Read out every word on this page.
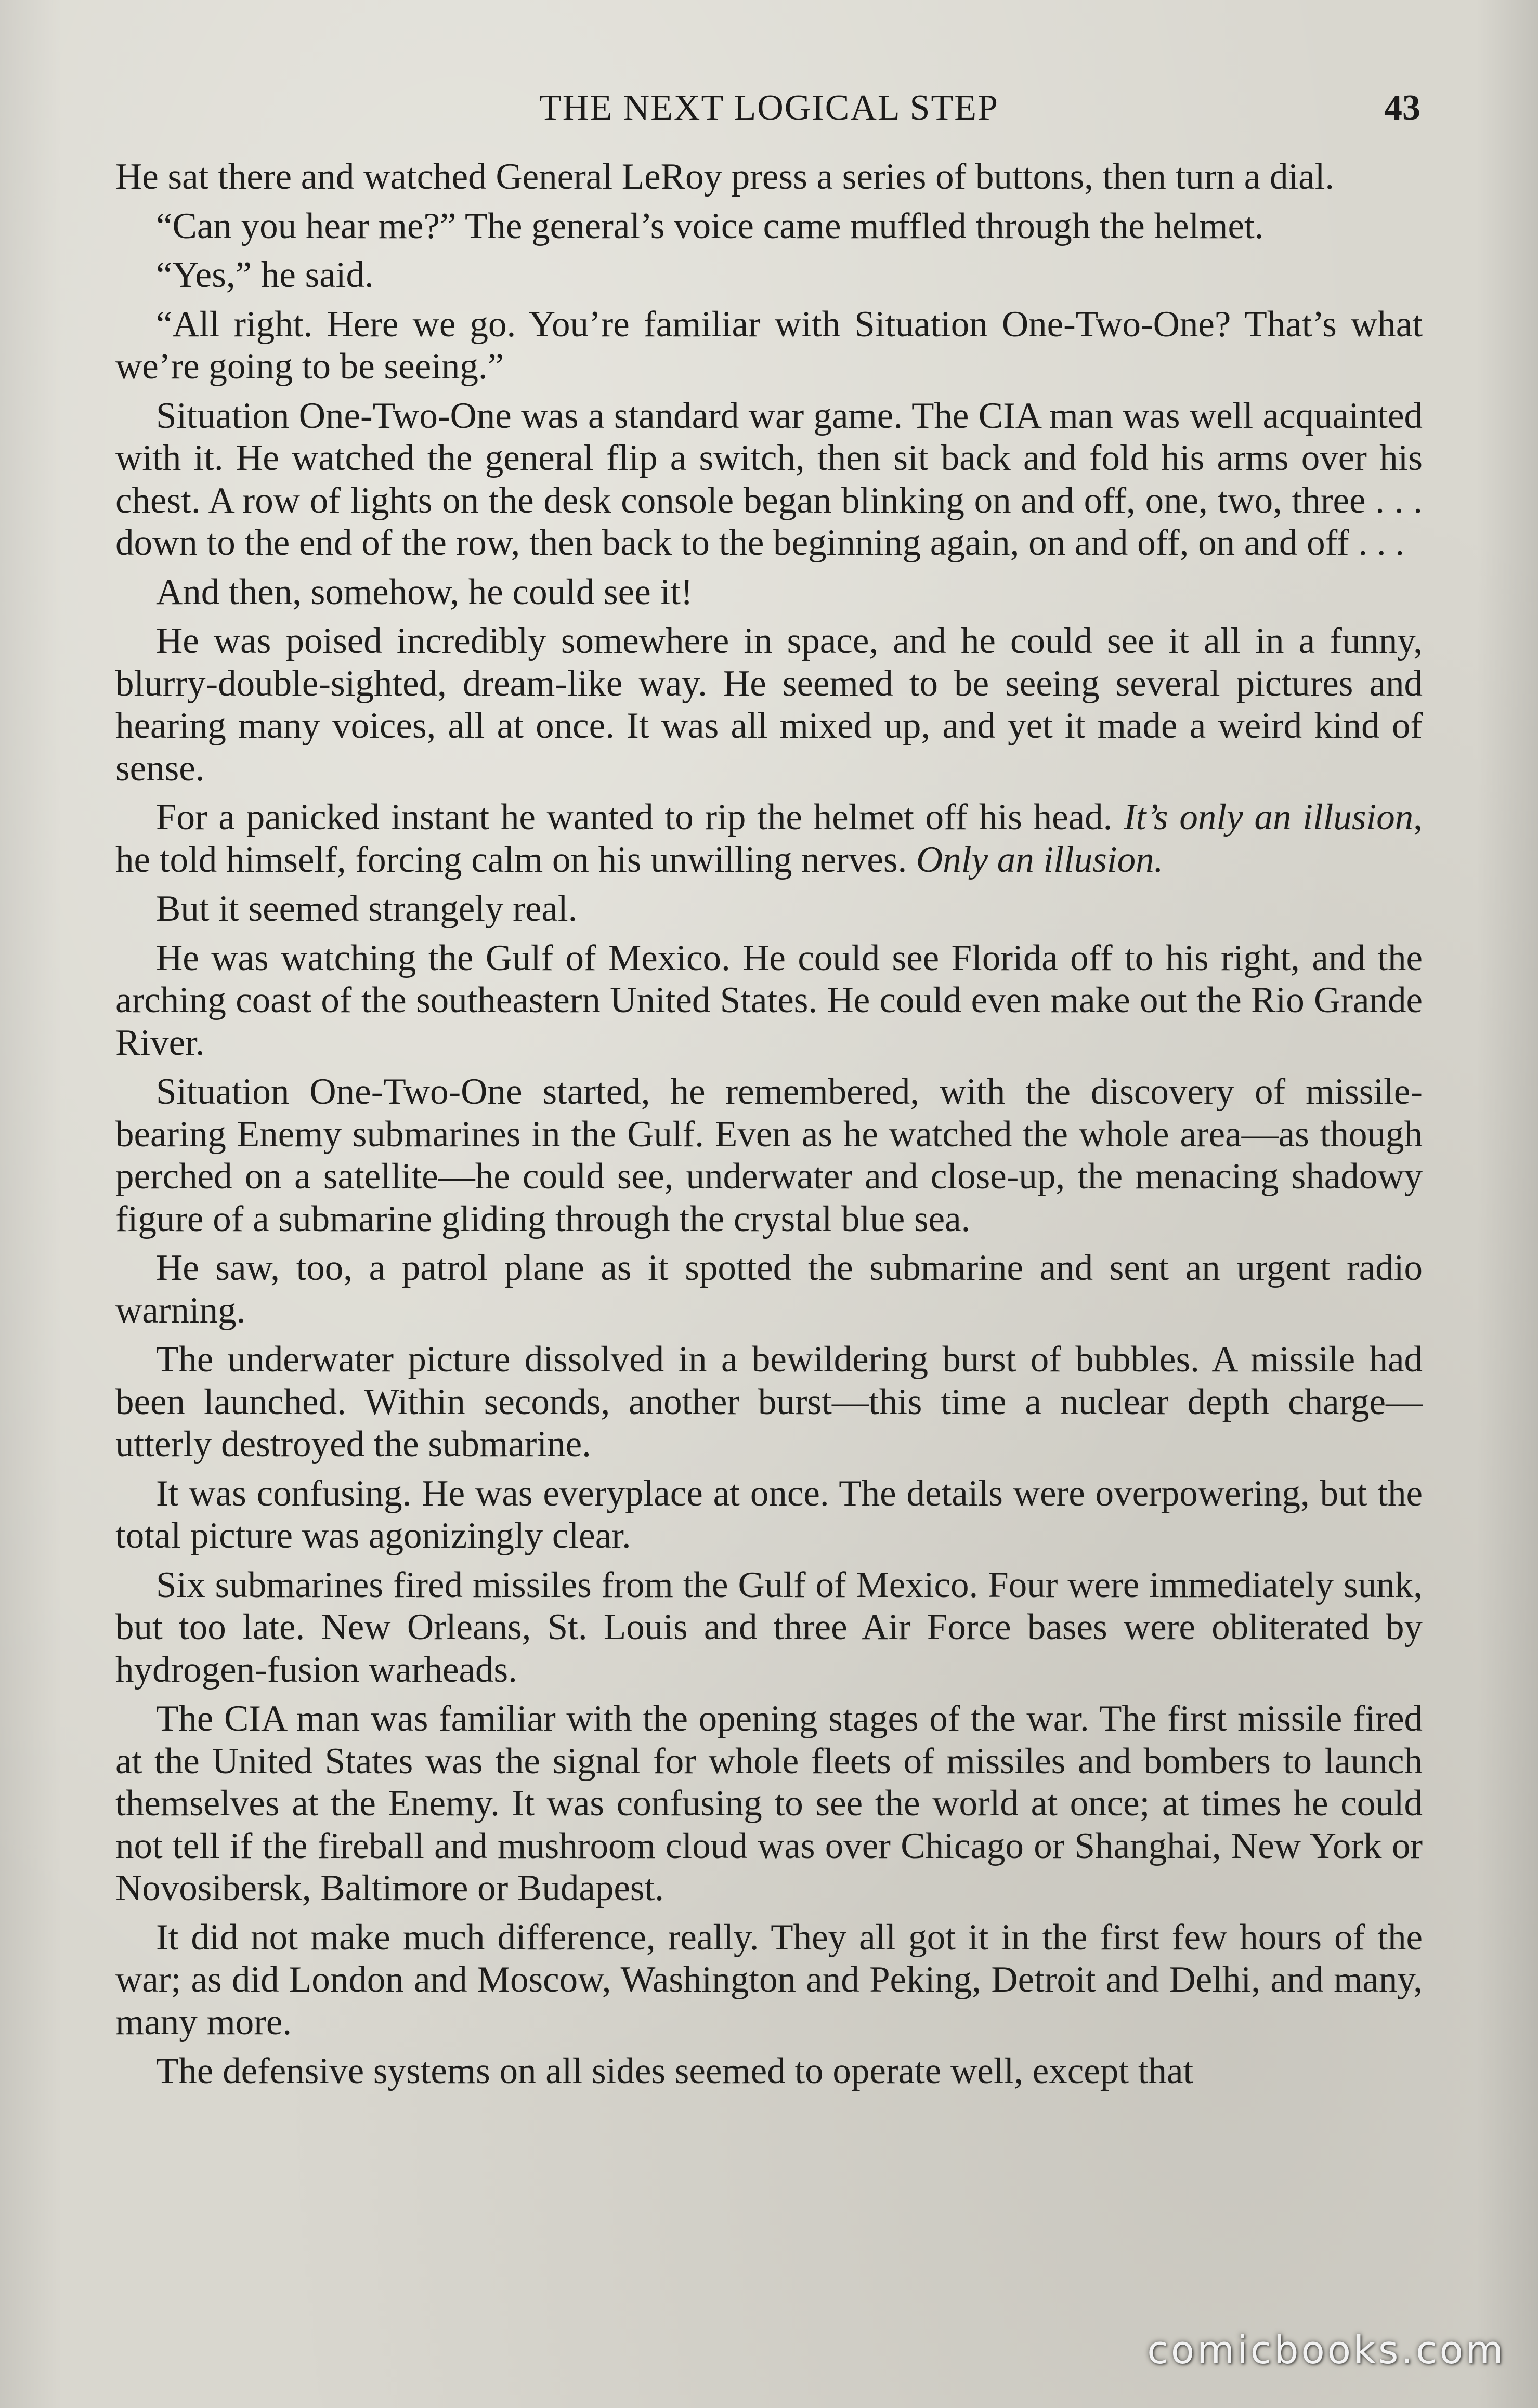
THE NEXT LOGICAL STEP	43

He sat there and watched General LeRoy press a series of buttons, then turn a dial.

“Can you hear me?” The general’s voice came muffled through the helmet.

“Yes,” he said.

“All right. Here we go. You’re familiar with Situation One-Two-One? That’s what we’re going to be seeing.”

Situation One-Two-One was a standard war game. The CIA man was well acquainted with it. He watched the general flip a switch, then sit back and fold his arms over his chest. A row of lights on the desk console began blinking on and off, one, two, three . . . down to the end of the row, then back to the beginning again, on and off, on and off . . .

And then, somehow, he could see it!

He was poised incredibly somewhere in space, and he could see it all in a funny, blurry-double-sighted, dream-like way. He seemed to be seeing several pictures and hearing many voices, all at once. It was all mixed up, and yet it made a weird kind of sense.

For a panicked instant he wanted to rip the helmet off his head. It’s only an illusion, he told himself, forcing calm on his unwilling nerves. Only an illusion.

But it seemed strangely real.

He was watching the Gulf of Mexico. He could see Florida off to his right, and the arching coast of the southeastern United States. He could even make out the Rio Grande River.

Situation One-Two-One started, he remembered, with the discovery of missile-bearing Enemy submarines in the Gulf. Even as he watched the whole area—as though perched on a satellite—he could see, underwater and close-up, the menacing shadowy figure of a submarine gliding through the crystal blue sea.

He saw, too, a patrol plane as it spotted the submarine and sent an urgent radio warning.

The underwater picture dissolved in a bewildering burst of bubbles. A missile had been launched. Within seconds, another burst—this time a nuclear depth charge—utterly destroyed the submarine.

It was confusing. He was everyplace at once. The details were overpowering, but the total picture was agonizingly clear.

Six submarines fired missiles from the Gulf of Mexico. Four were immediately sunk, but too late. New Orleans, St. Louis and three Air Force bases were obliterated by hydrogen-fusion warheads.

The CIA man was familiar with the opening stages of the war. The first missile fired at the United States was the signal for whole fleets of missiles and bombers to launch themselves at the Enemy. It was confusing to see the world at once; at times he could not tell if the fireball and mushroom cloud was over Chicago or Shanghai, New York or Novosibersk, Baltimore or Budapest.

It did not make much difference, really. They all got it in the first few hours of the war; as did London and Moscow, Washington and Peking, Detroit and Delhi, and many, many more.

The defensive systems on all sides seemed to operate well, except that

comicbooks.com
